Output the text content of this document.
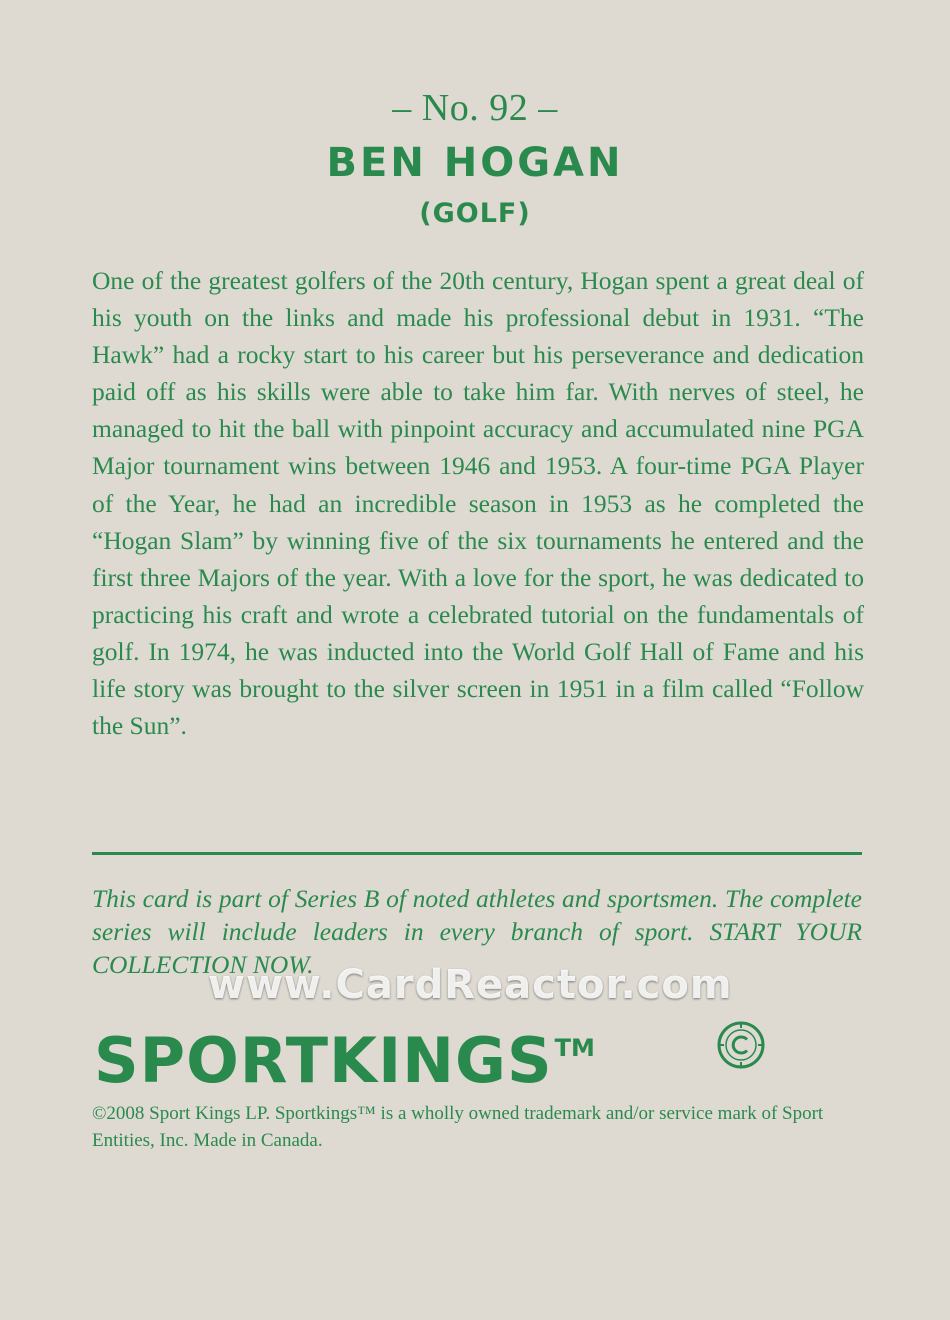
– No. 92 –
BEN HOGAN
(GOLF)

One of the greatest golfers of the 20th century, Hogan spent a great deal of his youth on the links and made his professional debut in 1931. “The Hawk” had a rocky start to his career but his perseverance and dedication paid off as his skills were able to take him far. With nerves of steel, he managed to hit the ball with pinpoint accuracy and accumulated nine PGA Major tournament wins between 1946 and 1953. A four-time PGA Player of the Year, he had an incredible season in 1953 as he completed the “Hogan Slam” by winning five of the six tournaments he entered and the first three Majors of the year. With a love for the sport, he was dedicated to practicing his craft and wrote a celebrated tutorial on the fundamentals of golf. In 1974, he was inducted into the World Golf Hall of Fame and his life story was brought to the silver screen in 1951 in a film called “Follow the Sun”.

This card is part of Series B of noted athletes and sportsmen. The complete series will include leaders in every branch of sport. START YOUR COLLECTION NOW.

SPORTKINGS™

©2008 Sport Kings LP. Sportkings™ is a wholly owned trademark and/or service mark of Sport Entities, Inc. Made in Canada.

www.CardReactor.com
